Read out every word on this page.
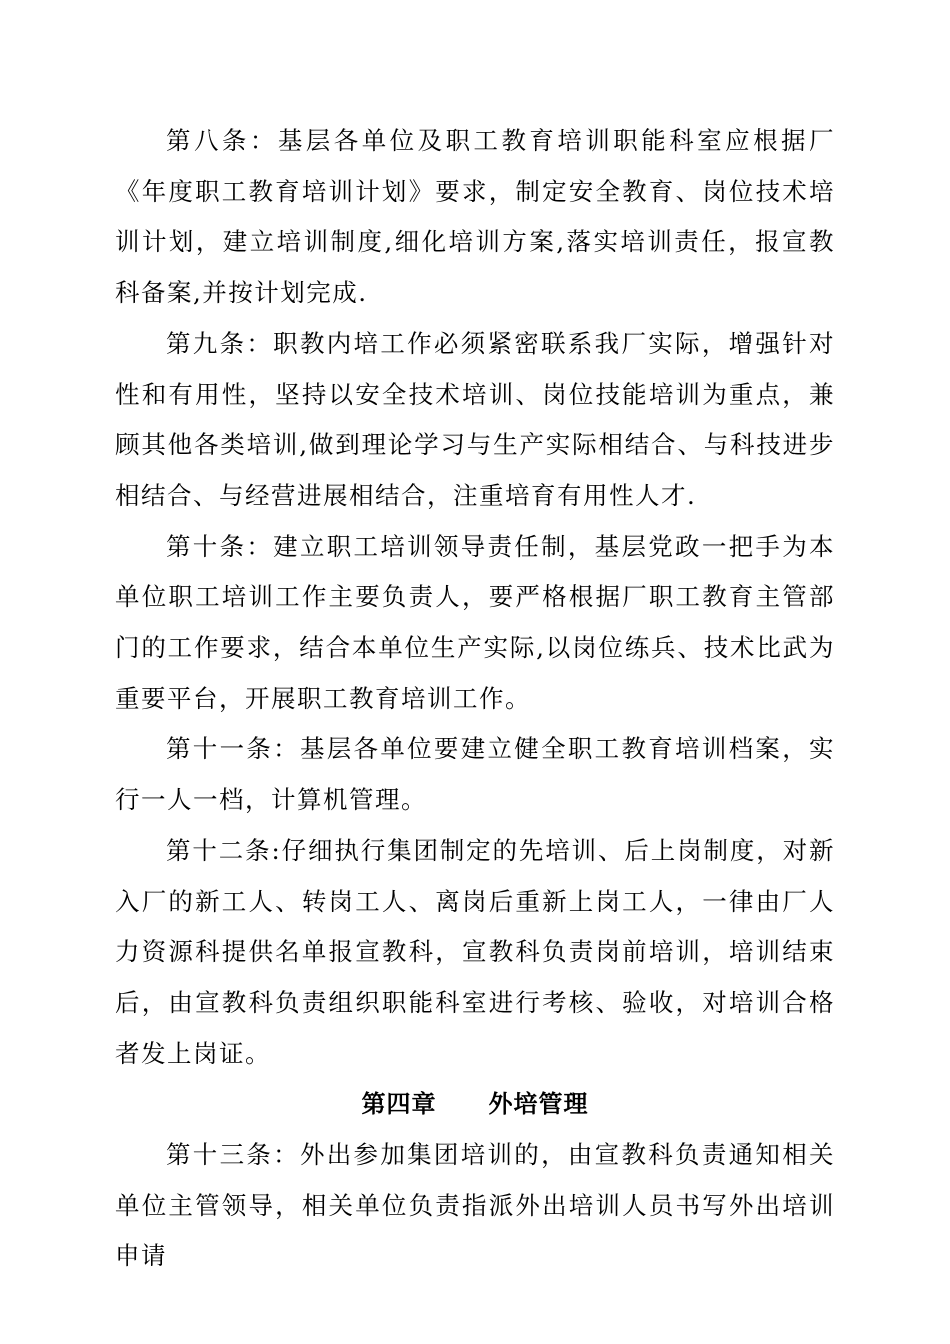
第八条：基层各单位及职工教育培训职能科室应根据厂《年度职工教育培训计划》要求，制定安全教育、岗位技术培训计划，建立培训制度,细化培训方案,落实培训责任，报宣教科备案,并按计划完成.

第九条：职教内培工作必须紧密联系我厂实际，增强针对性和有用性，坚持以安全技术培训、岗位技能培训为重点，兼顾其他各类培训,做到理论学习与生产实际相结合、与科技进步相结合、与经营进展相结合，注重培育有用性人才.

第十条：建立职工培训领导责任制，基层党政一把手为本单位职工培训工作主要负责人，要严格根据厂职工教育主管部门的工作要求，结合本单位生产实际,以岗位练兵、技术比武为重要平台，开展职工教育培训工作。

第十一条：基层各单位要建立健全职工教育培训档案，实行一人一档，计算机管理。

第十二条:仔细执行集团制定的先培训、后上岗制度，对新入厂的新工人、转岗工人、离岗后重新上岗工人，一律由厂人力资源科提供名单报宣教科，宣教科负责岗前培训，培训结束后，由宣教科负责组织职能科室进行考核、验收，对培训合格者发上岗证。

第四章 外培管理

第十三条：外出参加集团培训的，由宣教科负责通知相关单位主管领导，相关单位负责指派外出培训人员书写外出培训申请
